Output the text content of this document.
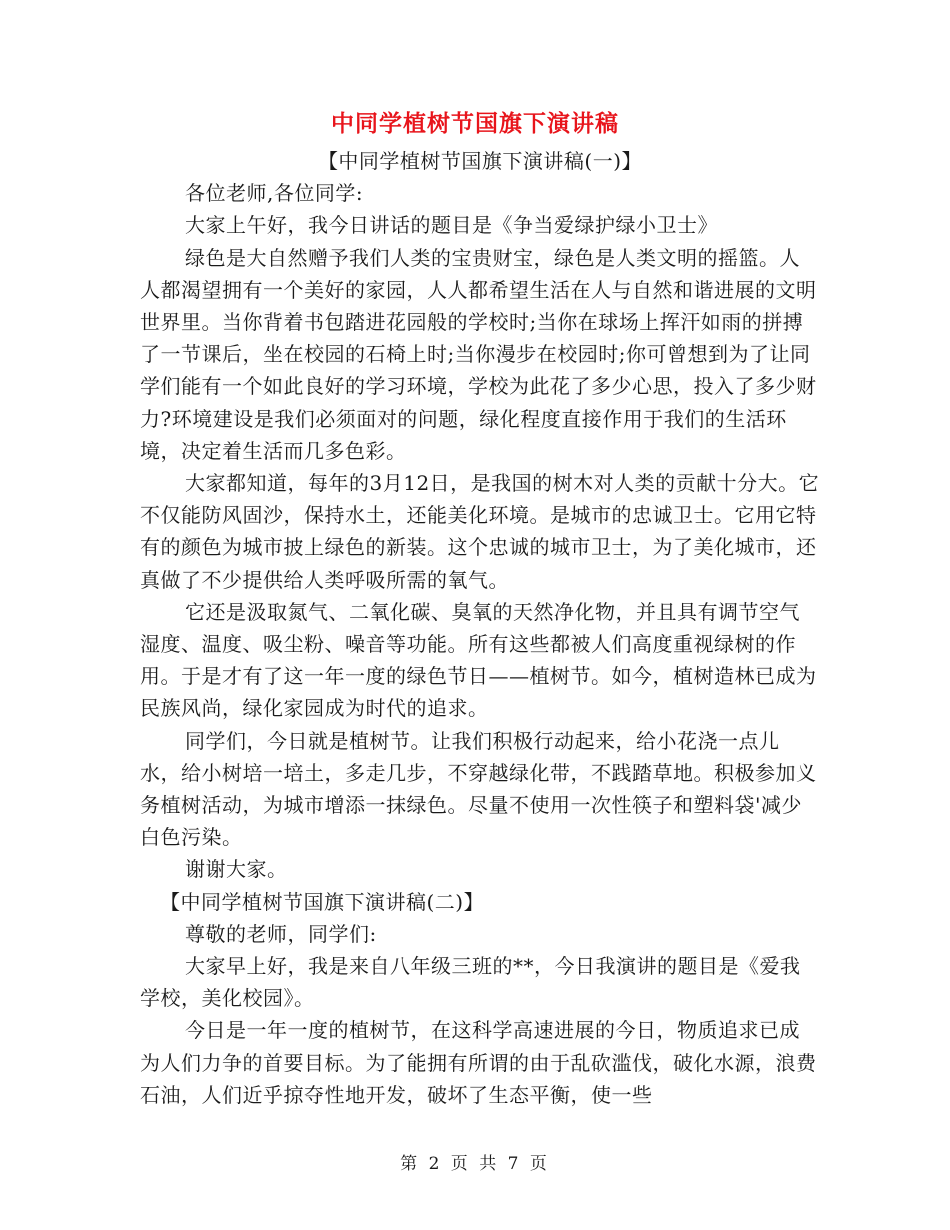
中同学植树节国旗下演讲稿

【中同学植树节国旗下演讲稿(一)】

各位老师,各位同学:

大家上午好，我今日讲话的题目是《争当爱绿护绿小卫士》

绿色是大自然赠予我们人类的宝贵财宝，绿色是人类文明的摇篮。人人都渴望拥有一个美好的家园，人人都希望生活在人与自然和谐进展的文明世界里。当你背着书包踏进花园般的学校时;当你在球场上挥汗如雨的拼搏了一节课后，坐在校园的石椅上时;当你漫步在校园时;你可曾想到为了让同学们能有一个如此良好的学习环境，学校为此花了多少心思，投入了多少财力?环境建设是我们必须面对的问题，绿化程度直接作用于我们的生活环境，决定着生活而几多色彩。

大家都知道，每年的3月12日，是我国的树木对人类的贡献十分大。它不仅能防风固沙，保持水土，还能美化环境。是城市的忠诚卫士。它用它特有的颜色为城市披上绿色的新装。这个忠诚的城市卫士，为了美化城市，还真做了不少提供给人类呼吸所需的氧气。

它还是汲取氮气、二氧化碳、臭氧的天然净化物，并且具有调节空气湿度、温度、吸尘粉、噪音等功能。所有这些都被人们高度重视绿树的作用。于是才有了这一年一度的绿色节日——植树节。如今，植树造林已成为民族风尚，绿化家园成为时代的追求。

同学们，今日就是植树节。让我们积极行动起来，给小花浇一点儿水，给小树培一培土，多走几步，不穿越绿化带，不践踏草地。积极参加义务植树活动，为城市增添一抹绿色。尽量不使用一次性筷子和塑料袋'减少白色污染。

谢谢大家。

【中同学植树节国旗下演讲稿(二)】

尊敬的老师，同学们:

大家早上好，我是来自八年级三班的**，今日我演讲的题目是《爱我学校，美化校园》。

今日是一年一度的植树节，在这科学高速进展的今日，物质追求已成为人们力争的首要目标。为了能拥有所谓的由于乱砍滥伐，破化水源，浪费石油，人们近乎掠夺性地开发，破坏了生态平衡，使一些

第 2 页 共 7 页
